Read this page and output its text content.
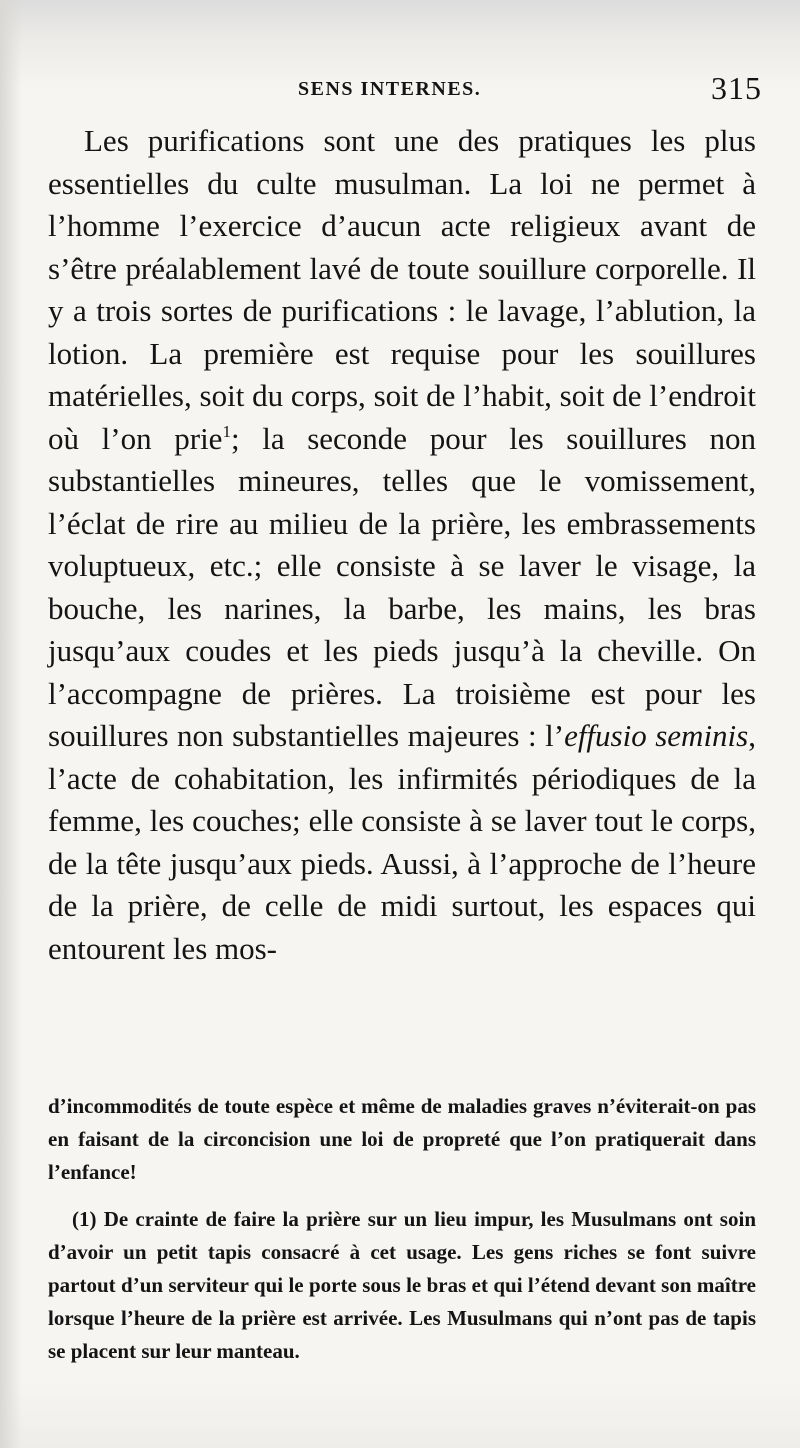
SENS INTERNES.	315

Les purifications sont une des pratiques les plus essentielles du culte musulman. La loi ne permet à l’homme l’exercice d’aucun acte religieux avant de s’être préalablement lavé de toute souillure corporelle. Il y a trois sortes de purifications : le lavage, l’ablution, la lotion. La première est requise pour les souillures matérielles, soit du corps, soit de l’habit, soit de l’endroit où l’on prie$^1$; la seconde pour les souillures non substantielles mineures, telles que le vomissement, l’éclat de rire au milieu de la prière, les embrassements voluptueux, etc.; elle consiste à se laver le visage, la bouche, les narines, la barbe, les mains, les bras jusqu’aux coudes et les pieds jusqu’à la cheville. On l’accompagne de prières. La troisième est pour les souillures non substantielles majeures : l’effusio seminis, l’acte de cohabitation, les infirmités périodiques de la femme, les couches; elle consiste à se laver tout le corps, de la tête jusqu’aux pieds. Aussi, à l’approche de l’heure de la prière, de celle de midi surtout, les espaces qui entourent les mos-

d’incommodités de toute espèce et même de maladies graves n’éviterait-on pas en faisant de la circoncision une loi de propreté que l’on pratiquerait dans l’enfance!

(1) De crainte de faire la prière sur un lieu impur, les Musulmans ont soin d’avoir un petit tapis consacré à cet usage. Les gens riches se font suivre partout d’un serviteur qui le porte sous le bras et qui l’étend devant son maître lorsque l’heure de la prière est arrivée. Les Musulmans qui n’ont pas de tapis se placent sur leur manteau.
